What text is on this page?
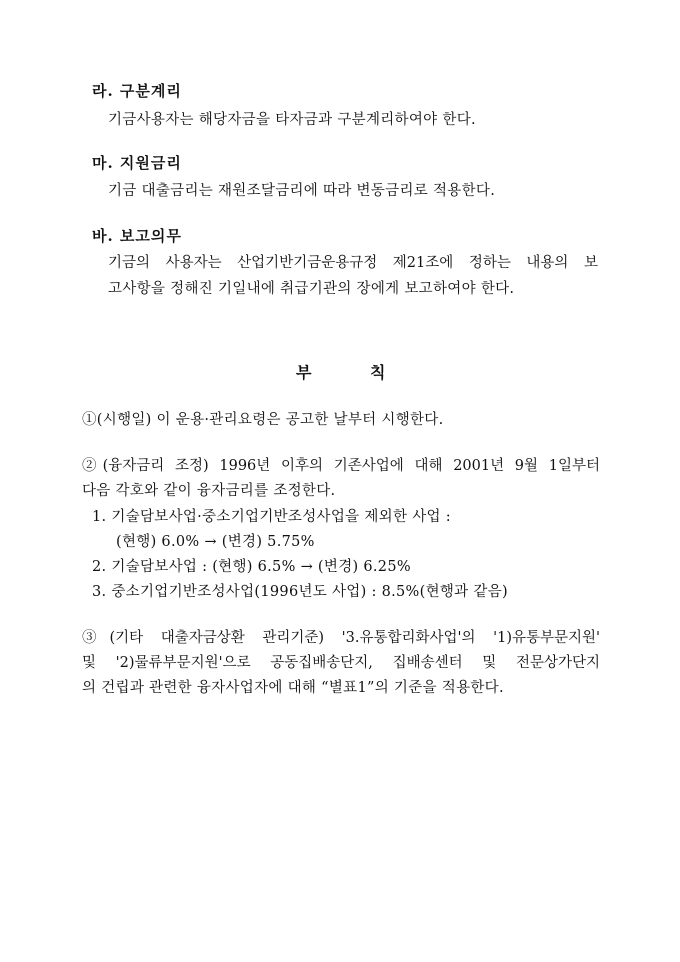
라. 구분계리
기금사용자는 해당자금을 타자금과 구분계리하여야 한다.
마. 지원금리
기금 대출금리는 재원조달금리에 따라 변동금리로 적용한다.
바. 보고의무
기금의 사용자는 산업기반기금운용규정 제21조에 정하는 내용의 보
고사항을 정해진 기일내에 취급기관의 장에게 보고하여야 한다.
부	칙
①(시행일) 이 운용·관리요령은 공고한 날부터 시행한다.
②(융자금리 조정) 1996년 이후의 기존사업에 대해 2001년 9월 1일부터
다음 각호와 같이 융자금리를 조정한다.
1. 기술담보사업·중소기업기반조성사업을 제외한 사업 :
(현행) 6.0% → (변경) 5.75%
2. 기술담보사업 : (현행) 6.5% → (변경) 6.25%
3. 중소기업기반조성사업(1996년도 사업) : 8.5%(현행과 같음)
③(기타 대출자금상환 관리기준) '3.유통합리화사업'의 '1)유통부문지원'
및 '2)물류부문지원'으로 공동집배송단지, 집배송센터 및 전문상가단지
의 건립과 관련한 융자사업자에 대해 “별표1”의 기준을 적용한다.
